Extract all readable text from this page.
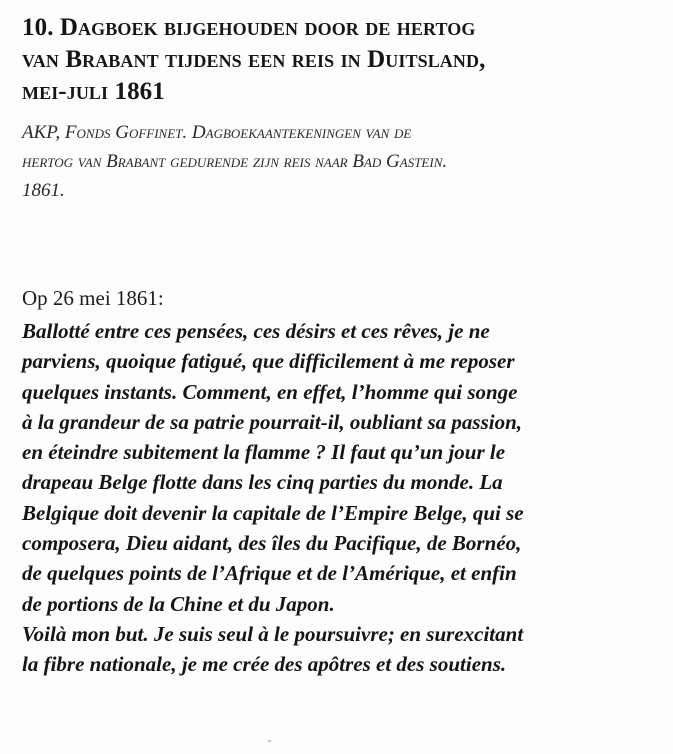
10. Dagboek bijgehouden door de hertog
van Brabant tijdens een reis in Duitsland,
mei-juli 1861
AKP, Fonds Goffinet. Dagboekaantekeningen van de
hertog van Brabant gedurende zijn reis naar Bad Gastein.
1861.
Op 26 mei 1861:
Ballotté entre ces pensées, ces désirs et ces rêves, je ne
parviens, quoique fatigué, que difficilement à me reposer
quelques instants. Comment, en effet, l’homme qui songe
à la grandeur de sa patrie pourrait-il, oubliant sa passion,
en éteindre subitement la flamme ? Il faut qu’un jour le
drapeau Belge flotte dans les cinq parties du monde. La
Belgique doit devenir la capitale de l’Empire Belge, qui se
composera, Dieu aidant, des îles du Pacifique, de Bornéo,
de quelques points de l’Afrique et de l’Amérique, et enfin
de portions de la Chine et du Japon.
Voilà mon but. Je suis seul à le poursuivre; en surexcitant
la fibre nationale, je me crée des apôtres et des soutiens.
